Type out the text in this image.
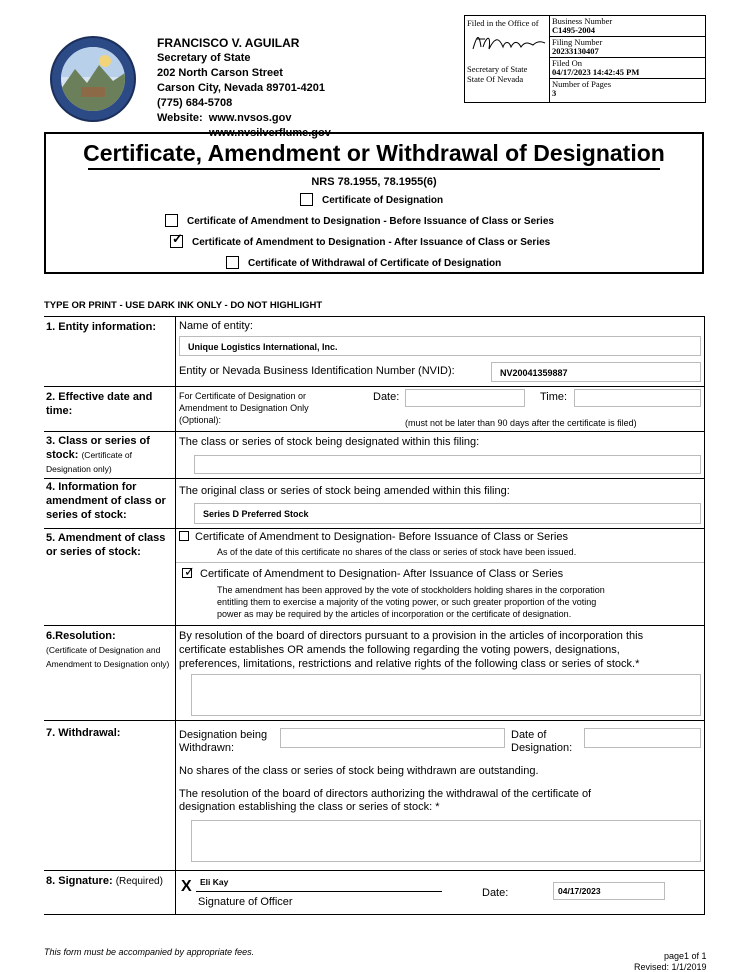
FRANCISCO V. AGUILAR
Secretary of State
202 North Carson Street
Carson City, Nevada 89701-4201
(775) 684-5708
Website: www.nvsos.gov
www.nvsilverflume.gov
Filed in the Office of
Secretary of State
State Of Nevada
Business Number
C1495-2004
Filing Number
20233130407
Filed On
04/17/2023 14:42:45 PM
Number of Pages
3
Certificate, Amendment or Withdrawal of Designation
NRS 78.1955, 78.1955(6)
Certificate of Designation
Certificate of Amendment to Designation - Before Issuance of Class or Series
✓Certificate of Amendment to Designation - After Issuance of Class or Series
Certificate of Withdrawal of Certificate of Designation
TYPE OR PRINT - USE DARK INK ONLY - DO NOT HIGHLIGHT
1. Entity information:	Name of entity:
Unique Logistics International, Inc.
Entity or Nevada Business Identification Number (NVID):	NV20041359887
2. Effective date and time:
For Certificate of Designation or
Amendment to Designation Only
(Optional):
Date:	Time:
(must not be later than 90 days after the certificate is filed)
3. Class or series of stock: (Certificate of Designation only)
The class or series of stock being designated within this filing:
4. Information for amendment of class or series of stock:
The original class or series of stock being amended within this filing:
Series D Preferred Stock
5. Amendment of class or series of stock:
Certificate of Amendment to Designation- Before Issuance of Class or Series
As of the date of this certificate no shares of the class or series of stock have been issued.
✓Certificate of Amendment to Designation- After Issuance of Class or Series
The amendment has been approved by the vote of stockholders holding shares in the corporation
entitling them to exercise a majority of the voting power, or such greater proportion of the voting
power as may be required by the articles of incorporation or the certificate of designation.
6.Resolution:
(Certificate of Designation and Amendment to Designation only)
By resolution of the board of directors pursuant to a provision in the articles of incorporation this
certificate establishes OR amends the following regarding the voting powers, designations,
preferences, limitations, restrictions and relative rights of the following class or series of stock.*
7. Withdrawal:	Designation being
Withdrawn:
Date of
Designation:
No shares of the class or series of stock being withdrawn are outstanding.
The resolution of the board of directors authorizing the withdrawal of the certificate of
designation establishing the class or series of stock: *
8. Signature: (Required)	X Eli Kay
Signature of Officer
Date:	04/17/2023
This form must be accompanied by appropriate fees.	page1 of 1
Revised: 1/1/2019
